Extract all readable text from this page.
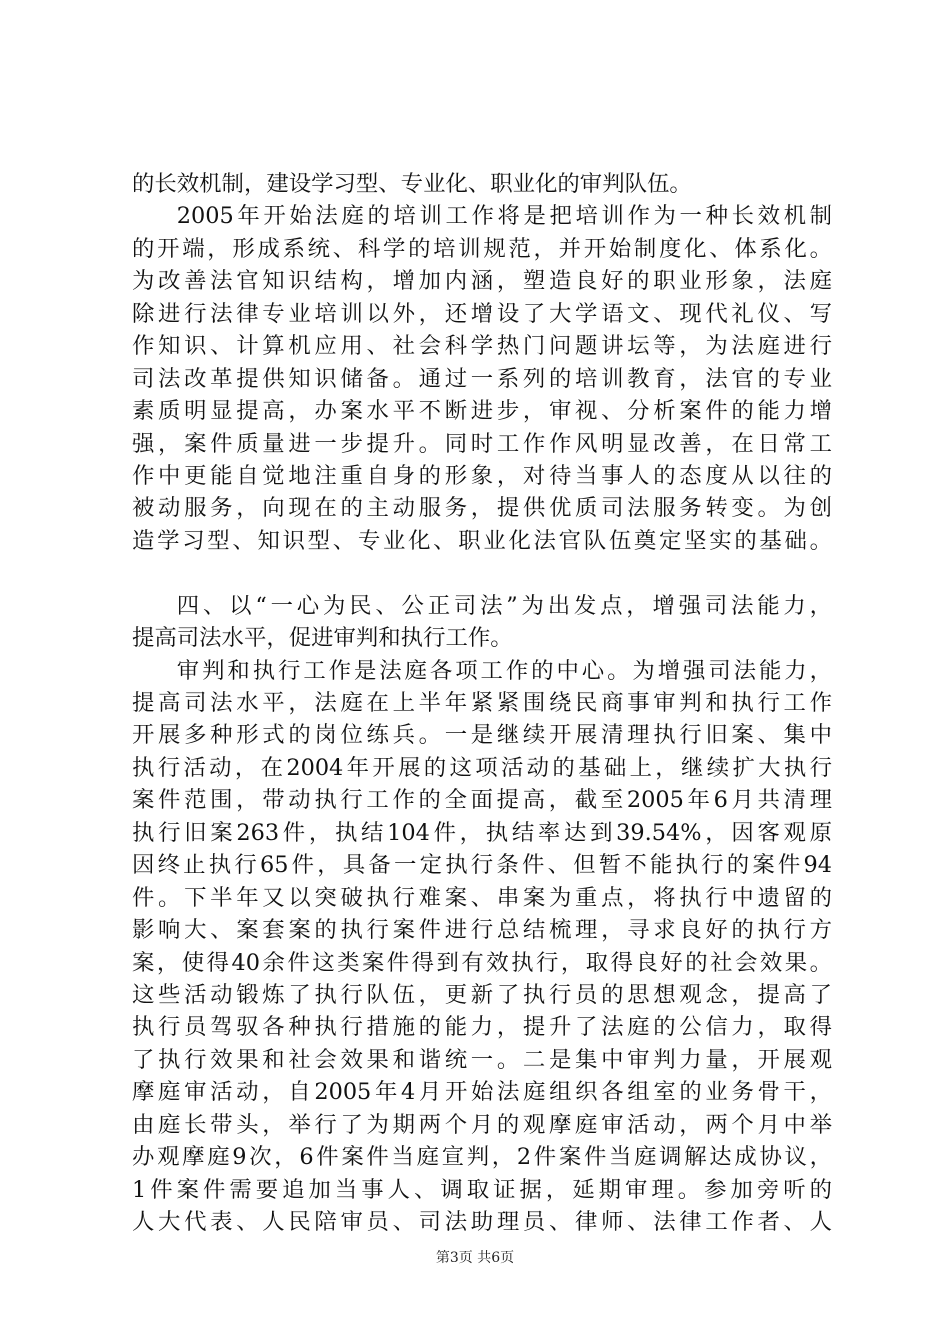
的长效机制，建设学习型、专业化、职业化的审判队伍。
2005年开始法庭的培训工作将是把培训作为一种长效机制
的开端，形成系统、科学的培训规范，并开始制度化、体系化。
为改善法官知识结构，增加内涵，塑造良好的职业形象，法庭
除进行法律专业培训以外，还增设了大学语文、现代礼仪、写
作知识、计算机应用、社会科学热门问题讲坛等，为法庭进行
司法改革提供知识储备。通过一系列的培训教育，法官的专业
素质明显提高，办案水平不断进步，审视、分析案件的能力增
强，案件质量进一步提升。同时工作作风明显改善，在日常工
作中更能自觉地注重自身的形象，对待当事人的态度从以往的
被动服务，向现在的主动服务，提供优质司法服务转变。为创
造学习型、知识型、专业化、职业化法官队伍奠定坚实的基础。
四、以“一心为民、公正司法”为出发点，增强司法能力，
提高司法水平，促进审判和执行工作。
审判和执行工作是法庭各项工作的中心。为增强司法能力，
提高司法水平，法庭在上半年紧紧围绕民商事审判和执行工作
开展多种形式的岗位练兵。一是继续开展清理执行旧案、集中
执行活动，在2004年开展的这项活动的基础上，继续扩大执行
案件范围，带动执行工作的全面提高，截至2005年6月共清理
执行旧案263件，执结104件，执结率达到39.54%，因客观原
因终止执行65件，具备一定执行条件、但暂不能执行的案件94
件。下半年又以突破执行难案、串案为重点，将执行中遗留的
影响大、案套案的执行案件进行总结梳理，寻求良好的执行方
案，使得40余件这类案件得到有效执行，取得良好的社会效果。
这些活动锻炼了执行队伍，更新了执行员的思想观念，提高了
执行员驾驭各种执行措施的能力，提升了法庭的公信力，取得
了执行效果和社会效果和谐统一。二是集中审判力量，开展观
摩庭审活动，自2005年4月开始法庭组织各组室的业务骨干，
由庭长带头，举行了为期两个月的观摩庭审活动，两个月中举
办观摩庭9次，6件案件当庭宣判，2件案件当庭调解达成协议，
1件案件需要追加当事人、调取证据，延期审理。参加旁听的
人大代表、人民陪审员、司法助理员、律师、法律工作者、人
第3页 共6页
